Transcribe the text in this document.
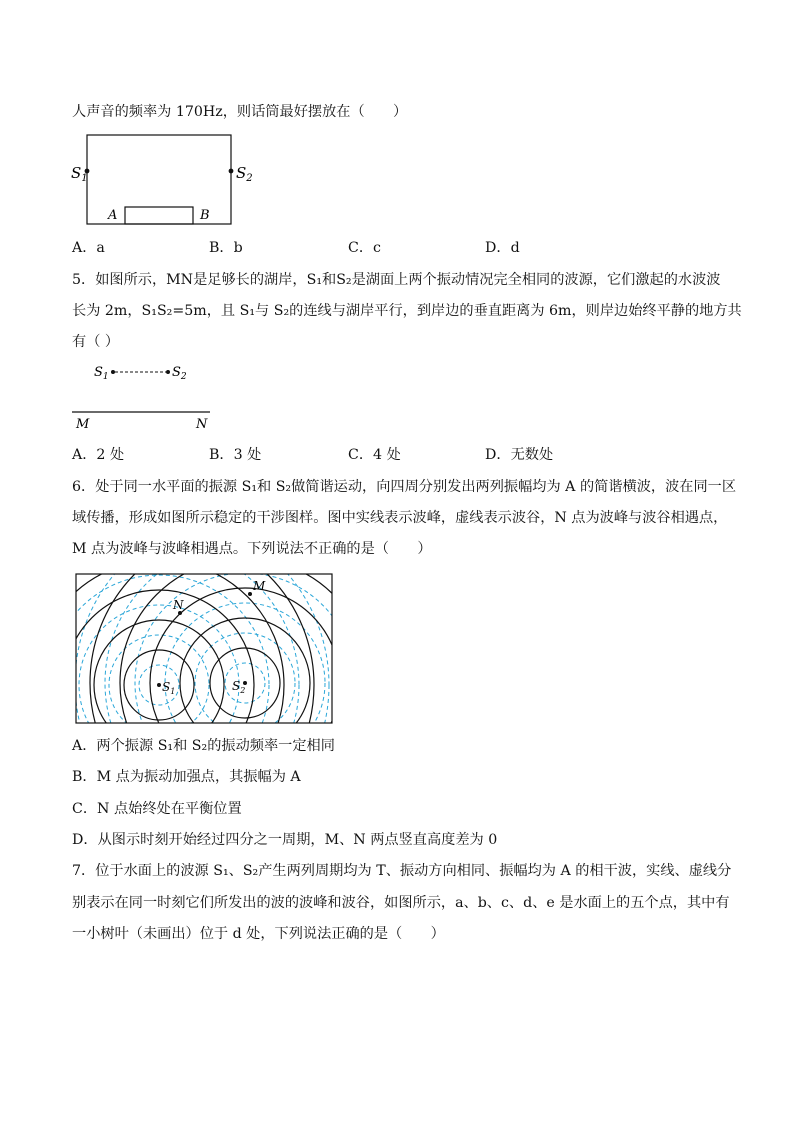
人声音的频率为 170Hz，则话筒最好摆放在（　　）
$S_1$	$S_2$
A	B
A．a	B．b	C．c	D．d
5．如图所示，MN是足够长的湖岸，S₁和S₂是湖面上两个振动情况完全相同的波源，它们激起的水波波
长为 2m，S₁S₂=5m，且 S₁与 S₂的连线与湖岸平行，到岸边的垂直距离为 6m，则岸边始终平静的地方共
有（ ）
$S_1$	$S_2$
M	N
A．2 处	B．3 处	C．4 处	D．无数处
6．处于同一水平面的振源 S₁和 S₂做简谐运动，向四周分别发出两列振幅均为 A 的简谐横波，波在同一区
域传播，形成如图所示稳定的干涉图样。图中实线表示波峰，虚线表示波谷，N 点为波峰与波谷相遇点，
M 点为波峰与波峰相遇点。下列说法不正确的是（　　）
M
N
$S_1$	$S_2$
A．两个振源 S₁和 S₂的振动频率一定相同
B．M 点为振动加强点，其振幅为 A
C．N 点始终处在平衡位置
D．从图示时刻开始经过四分之一周期，M、N 两点竖直高度差为 0
7．位于水面上的波源 S₁、S₂产生两列周期均为 T、振动方向相同、振幅均为 A 的相干波，实线、虚线分
别表示在同一时刻它们所发出的波的波峰和波谷，如图所示，a、b、c、d、e 是水面上的五个点，其中有
一小树叶（未画出）位于 d 处，下列说法正确的是（　　）
